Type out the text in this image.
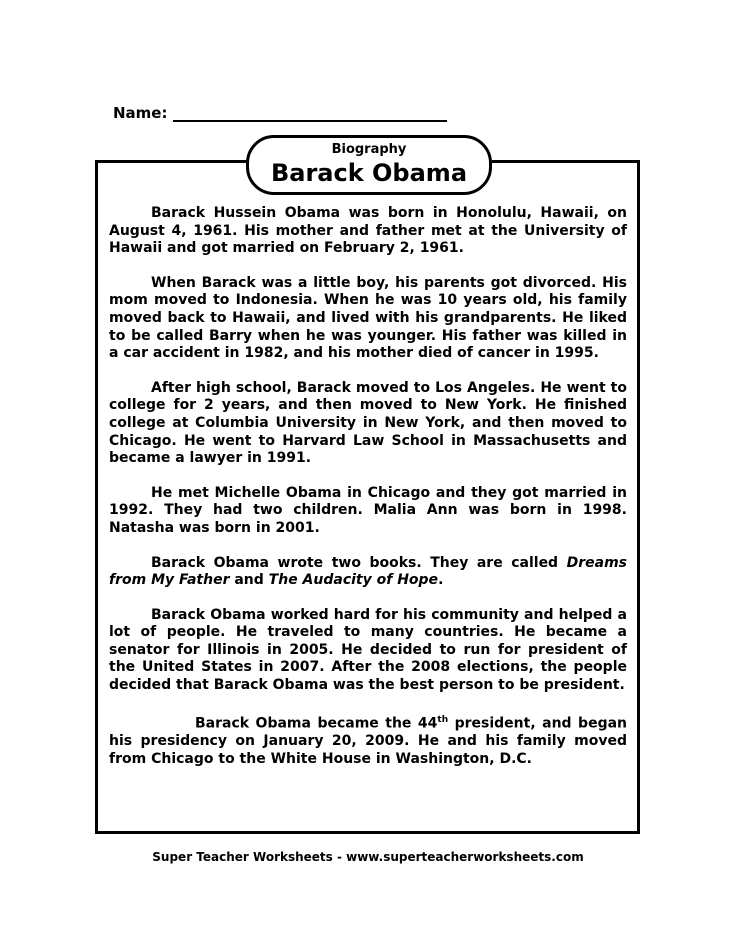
Name:
Biography
Barack Obama

Barack Hussein Obama was born in Honolulu, Hawaii, on August 4, 1961. His mother and father met at the University of Hawaii and got married on February 2, 1961.

When Barack was a little boy, his parents got divorced. His mom moved to Indonesia. When he was 10 years old, his family moved back to Hawaii, and lived with his grandparents. He liked to be called Barry when he was younger. His father was killed in a car accident in 1982, and his mother died of cancer in 1995.

After high school, Barack moved to Los Angeles. He went to college for 2 years, and then moved to New York. He finished college at Columbia University in New York, and then moved to Chicago. He went to Harvard Law School in Massachusetts and became a lawyer in 1991.

He met Michelle Obama in Chicago and they got married in 1992. They had two children. Malia Ann was born in 1998. Natasha was born in 2001.

Barack Obama wrote two books. They are called Dreams from My Father and The Audacity of Hope.

Barack Obama worked hard for his community and helped a lot of people. He traveled to many countries. He became a senator for Illinois in 2005. He decided to run for president of the United States in 2007. After the 2008 elections, the people decided that Barack Obama was the best person to be president.

Barack Obama became the 44th president, and began his presidency on January 20, 2009. He and his family moved from Chicago to the White House in Washington, D.C.

Super Teacher Worksheets - www.superteacherworksheets.com
